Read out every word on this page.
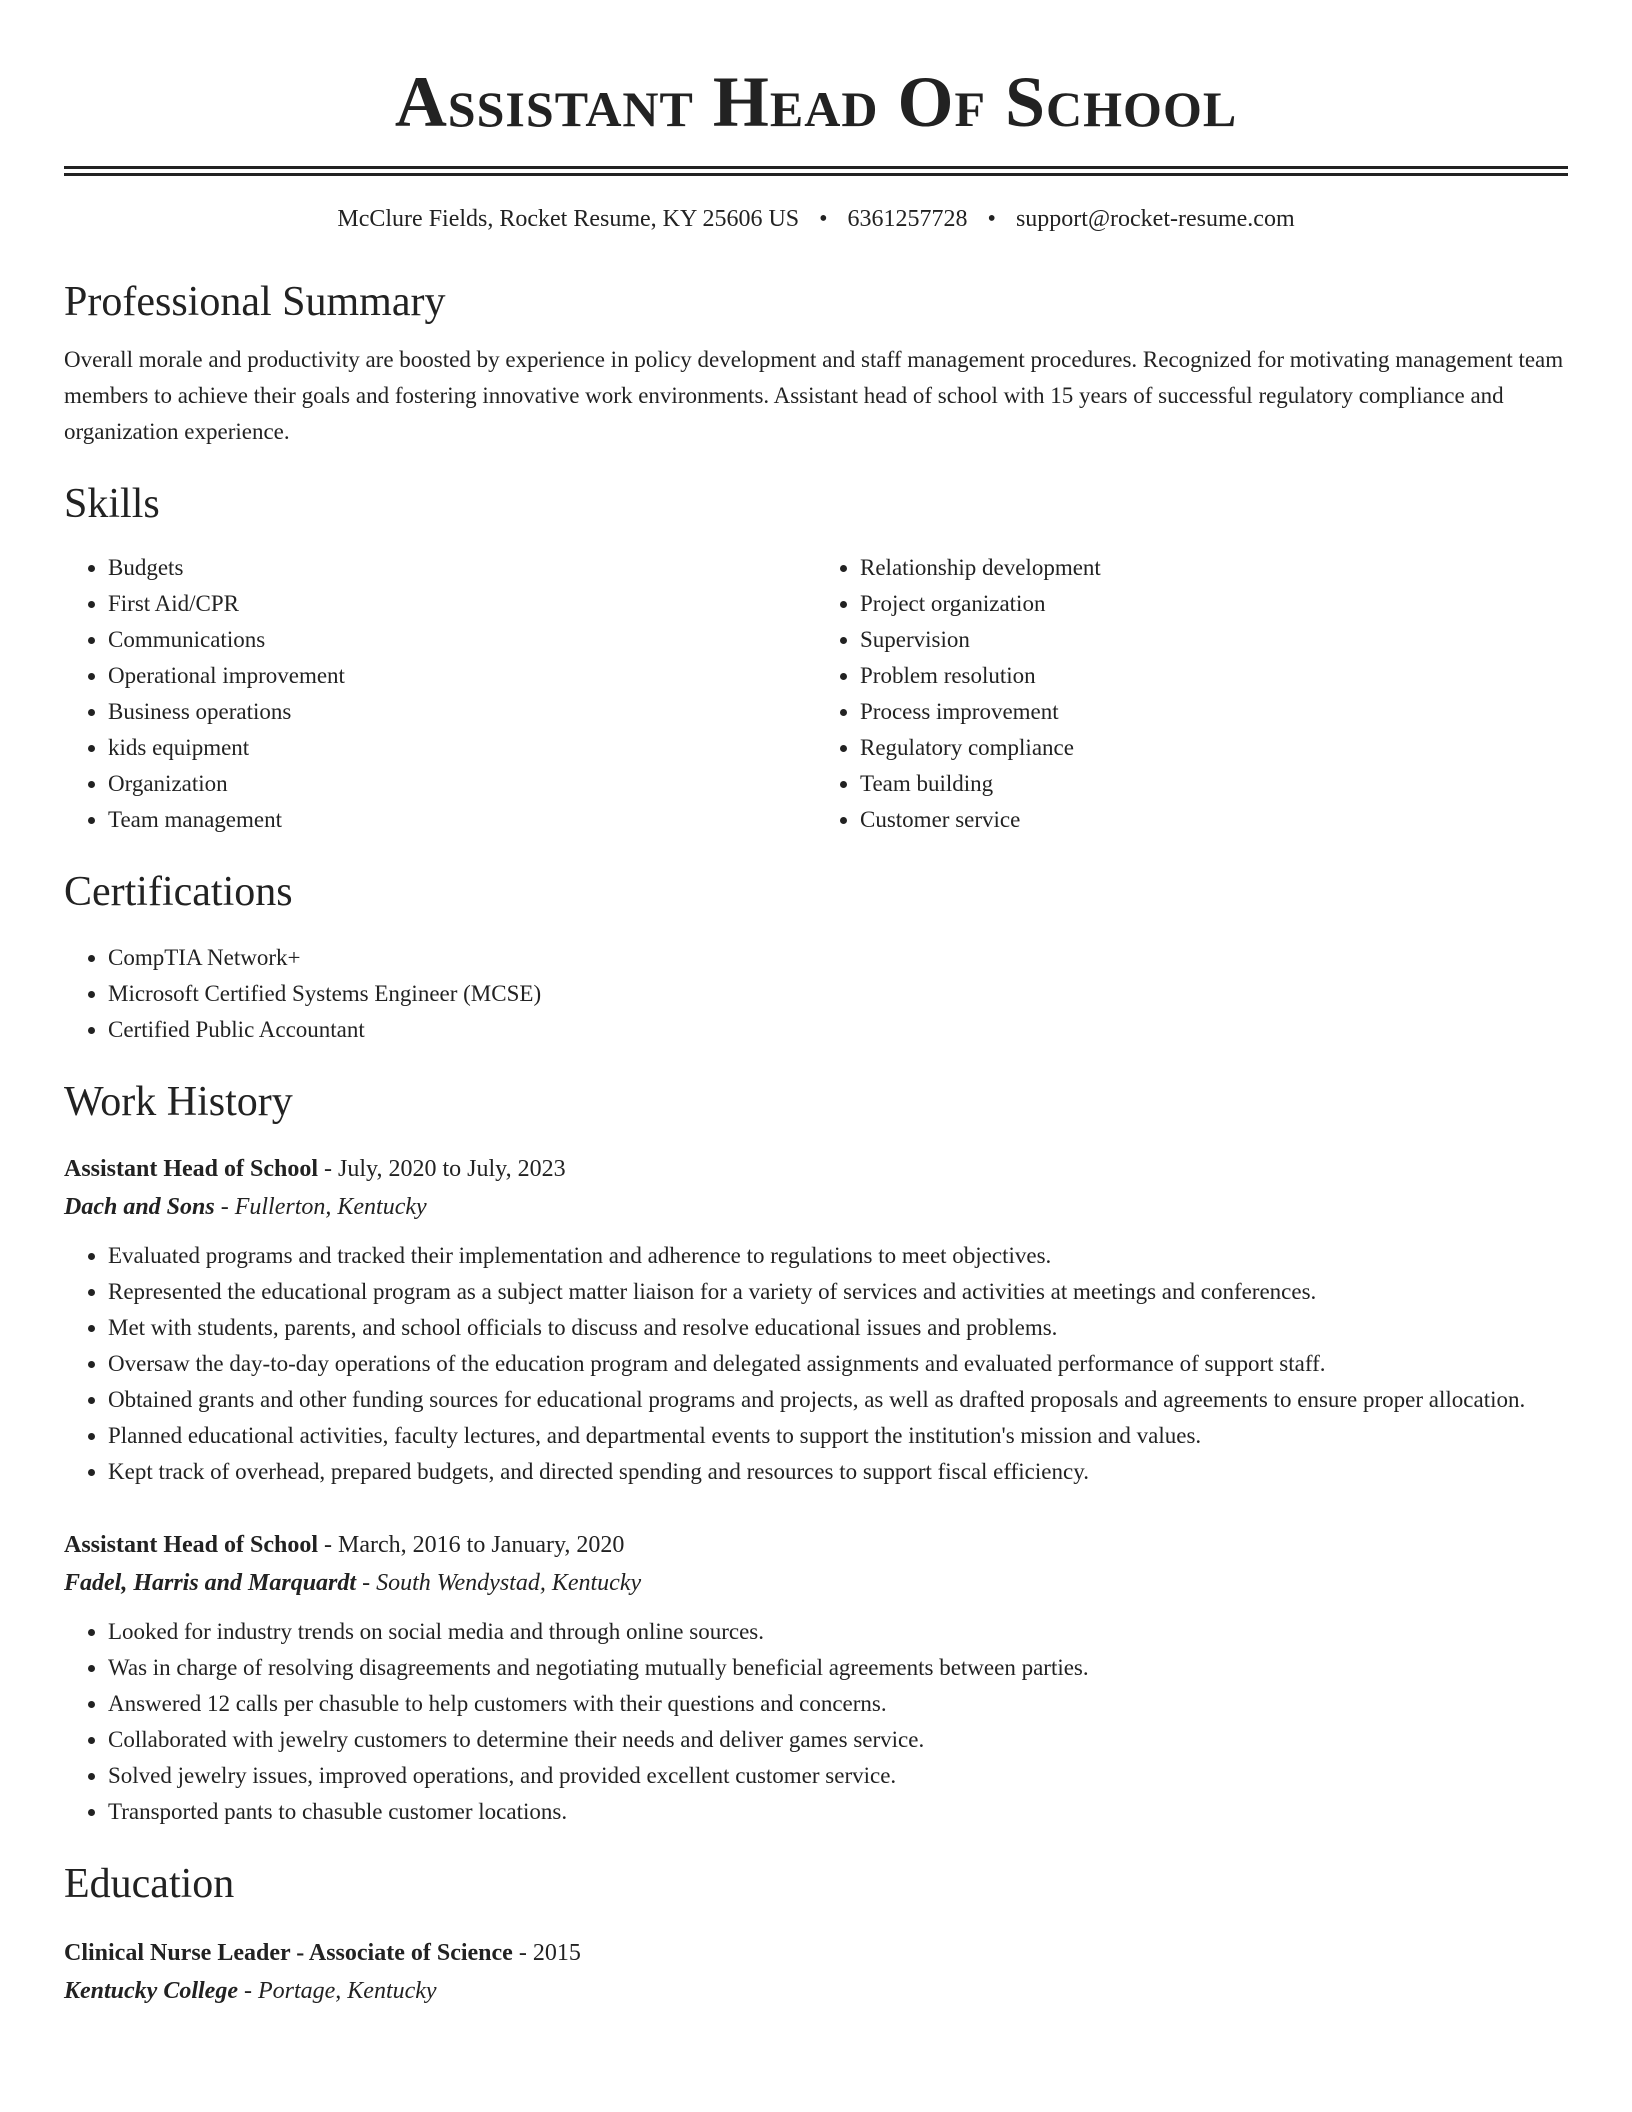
Assistant Head Of School
McClure Fields, Rocket Resume, KY 25606 US • 6361257728 • support@rocket-resume.com
Professional Summary
Overall morale and productivity are boosted by experience in policy development and staff management procedures. Recognized for motivating management team members to achieve their goals and fostering innovative work environments. Assistant head of school with 15 years of successful regulatory compliance and organization experience.
Skills
• Budgets
• First Aid/CPR
• Communications
• Operational improvement
• Business operations
• kids equipment
• Organization
• Team management
• Relationship development
• Project organization
• Supervision
• Problem resolution
• Process improvement
• Regulatory compliance
• Team building
• Customer service
Certifications
• CompTIA Network+
• Microsoft Certified Systems Engineer (MCSE)
• Certified Public Accountant
Work History
Assistant Head of School - July, 2020 to July, 2023
Dach and Sons - Fullerton, Kentucky
• Evaluated programs and tracked their implementation and adherence to regulations to meet objectives.
• Represented the educational program as a subject matter liaison for a variety of services and activities at meetings and conferences.
• Met with students, parents, and school officials to discuss and resolve educational issues and problems.
• Oversaw the day-to-day operations of the education program and delegated assignments and evaluated performance of support staff.
• Obtained grants and other funding sources for educational programs and projects, as well as drafted proposals and agreements to ensure proper allocation.
• Planned educational activities, faculty lectures, and departmental events to support the institution's mission and values.
• Kept track of overhead, prepared budgets, and directed spending and resources to support fiscal efficiency.
Assistant Head of School - March, 2016 to January, 2020
Fadel, Harris and Marquardt - South Wendystad, Kentucky
• Looked for industry trends on social media and through online sources.
• Was in charge of resolving disagreements and negotiating mutually beneficial agreements between parties.
• Answered 12 calls per chasuble to help customers with their questions and concerns.
• Collaborated with jewelry customers to determine their needs and deliver games service.
• Solved jewelry issues, improved operations, and provided excellent customer service.
• Transported pants to chasuble customer locations.
Education
Clinical Nurse Leader - Associate of Science - 2015
Kentucky College - Portage, Kentucky
